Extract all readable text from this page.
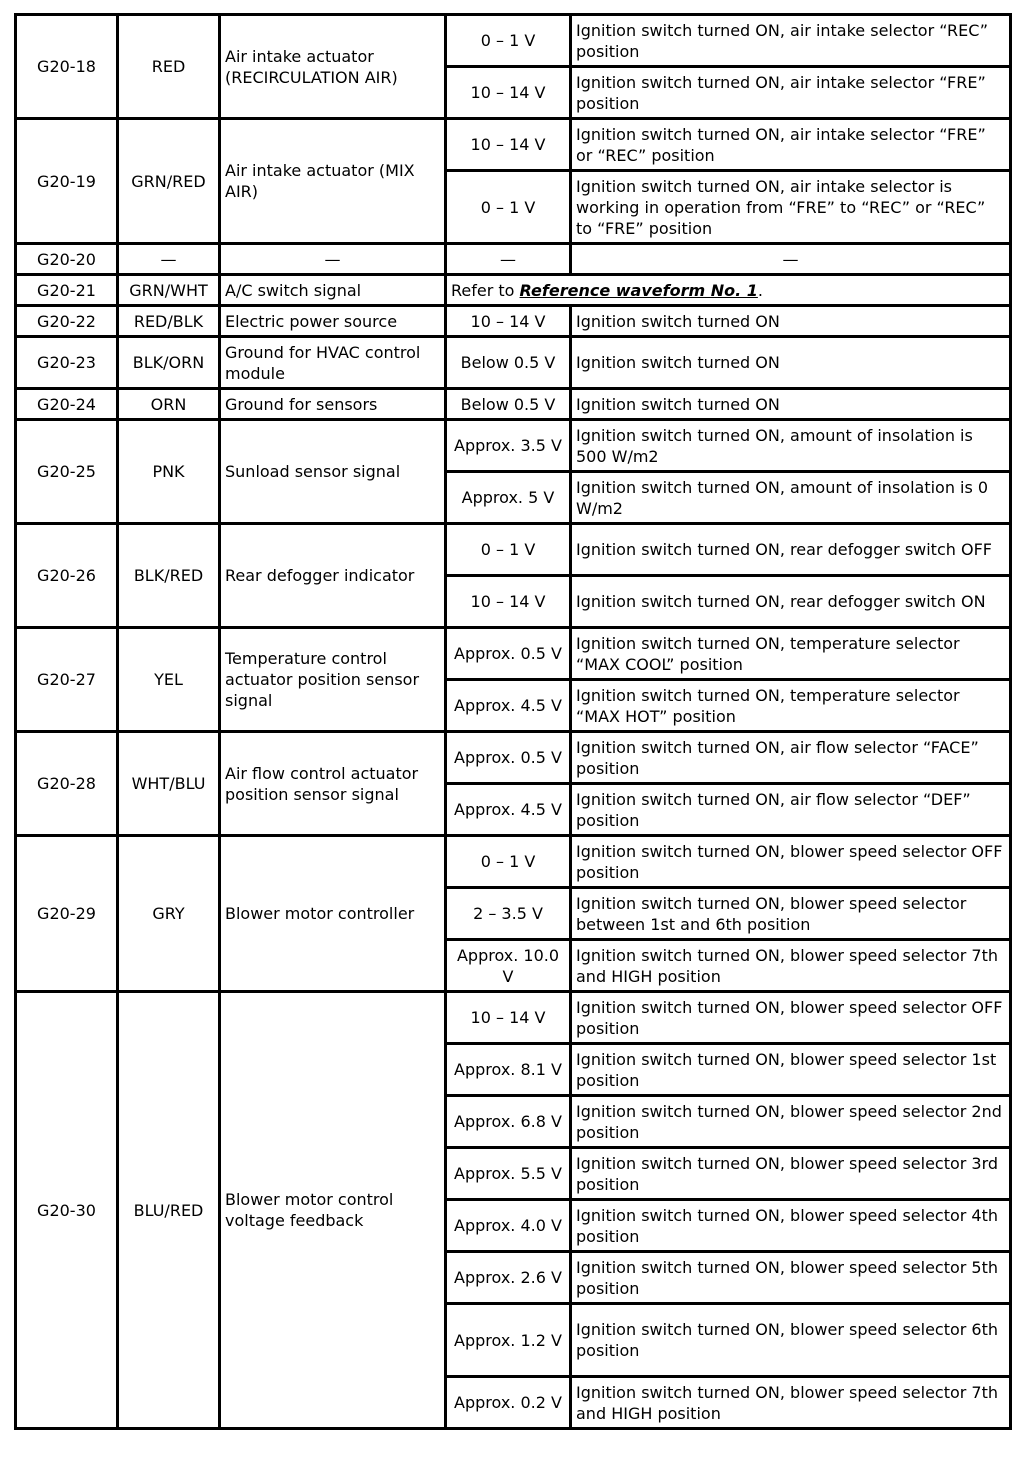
G20-18	RED	Air intake actuator (RECIRCULATION AIR)	0 – 1 V	Ignition switch turned ON, air intake selector “REC” position
			10 – 14 V	Ignition switch turned ON, air intake selector “FRE” position
G20-19	GRN/RED	Air intake actuator (MIX AIR)	10 – 14 V	Ignition switch turned ON, air intake selector “FRE” or “REC” position
			0 – 1 V	Ignition switch turned ON, air intake selector is working in operation from “FRE” to “REC” or “REC” to “FRE” position
G20-20	—	—	—	—
G20-21	GRN/WHT	A/C switch signal	Refer to Reference waveform No. 1.	
G20-22	RED/BLK	Electric power source	10 – 14 V	Ignition switch turned ON
G20-23	BLK/ORN	Ground for HVAC control module	Below 0.5 V	Ignition switch turned ON
G20-24	ORN	Ground for sensors	Below 0.5 V	Ignition switch turned ON
G20-25	PNK	Sunload sensor signal	Approx. 3.5 V	Ignition switch turned ON, amount of insolation is 500 W/m2
			Approx. 5 V	Ignition switch turned ON, amount of insolation is 0 W/m2
G20-26	BLK/RED	Rear defogger indicator	0 – 1 V	Ignition switch turned ON, rear defogger switch OFF
			10 – 14 V	Ignition switch turned ON, rear defogger switch ON
G20-27	YEL	Temperature control actuator position sensor signal	Approx. 0.5 V	Ignition switch turned ON, temperature selector “MAX COOL” position
			Approx. 4.5 V	Ignition switch turned ON, temperature selector “MAX HOT” position
G20-28	WHT/BLU	Air flow control actuator position sensor signal	Approx. 0.5 V	Ignition switch turned ON, air flow selector “FACE” position
			Approx. 4.5 V	Ignition switch turned ON, air flow selector “DEF” position
G20-29	GRY	Blower motor controller	0 – 1 V	Ignition switch turned ON, blower speed selector OFF position
			2 – 3.5 V	Ignition switch turned ON, blower speed selector between 1st and 6th position
			Approx. 10.0 V	Ignition switch turned ON, blower speed selector 7th and HIGH position
G20-30	BLU/RED	Blower motor control voltage feedback	10 – 14 V	Ignition switch turned ON, blower speed selector OFF position
			Approx. 8.1 V	Ignition switch turned ON, blower speed selector 1st position
			Approx. 6.8 V	Ignition switch turned ON, blower speed selector 2nd position
			Approx. 5.5 V	Ignition switch turned ON, blower speed selector 3rd position
			Approx. 4.0 V	Ignition switch turned ON, blower speed selector 4th position
			Approx. 2.6 V	Ignition switch turned ON, blower speed selector 5th position
			Approx. 1.2 V	Ignition switch turned ON, blower speed selector 6th position
			Approx. 0.2 V	Ignition switch turned ON, blower speed selector 7th and HIGH position
